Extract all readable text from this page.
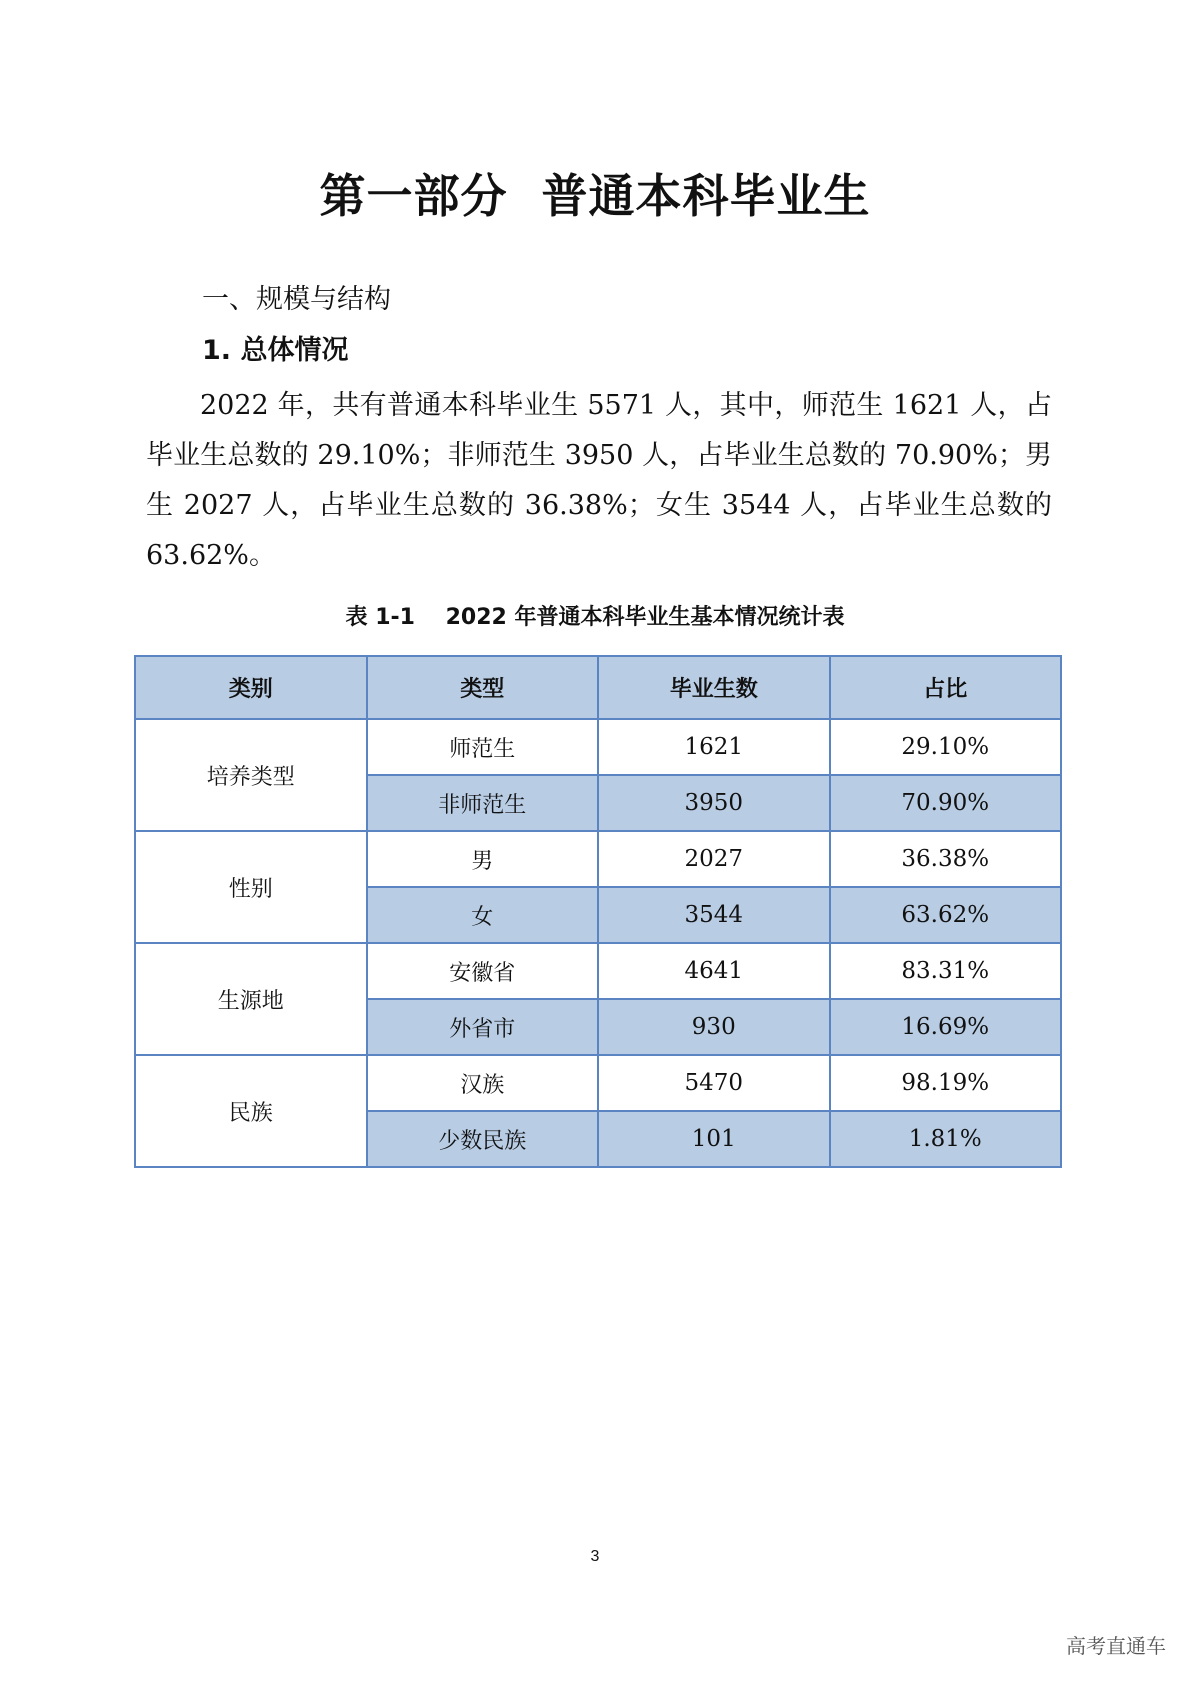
第一部分  普通本科毕业生
一、规模与结构
1. 总体情况
2022 年，共有普通本科毕业生 5571 人，其中，师范生 1621 人，占毕业生总数的 29.10%；非师范生 3950 人，占毕业生总数的 70.90%；男生 2027 人，占毕业生总数的 36.38%；女生 3544 人，占毕业生总数的 63.62%。
表 1-1    2022 年普通本科毕业生基本情况统计表
类别	类型	毕业生数	占比
培养类型	师范生	1621	29.10%
	非师范生	3950	70.90%
性别	男	2027	36.38%
	女	3544	63.62%
生源地	安徽省	4641	83.31%
	外省市	930	16.69%
民族	汉族	5470	98.19%
	少数民族	101	1.81%
3
高考直通车
